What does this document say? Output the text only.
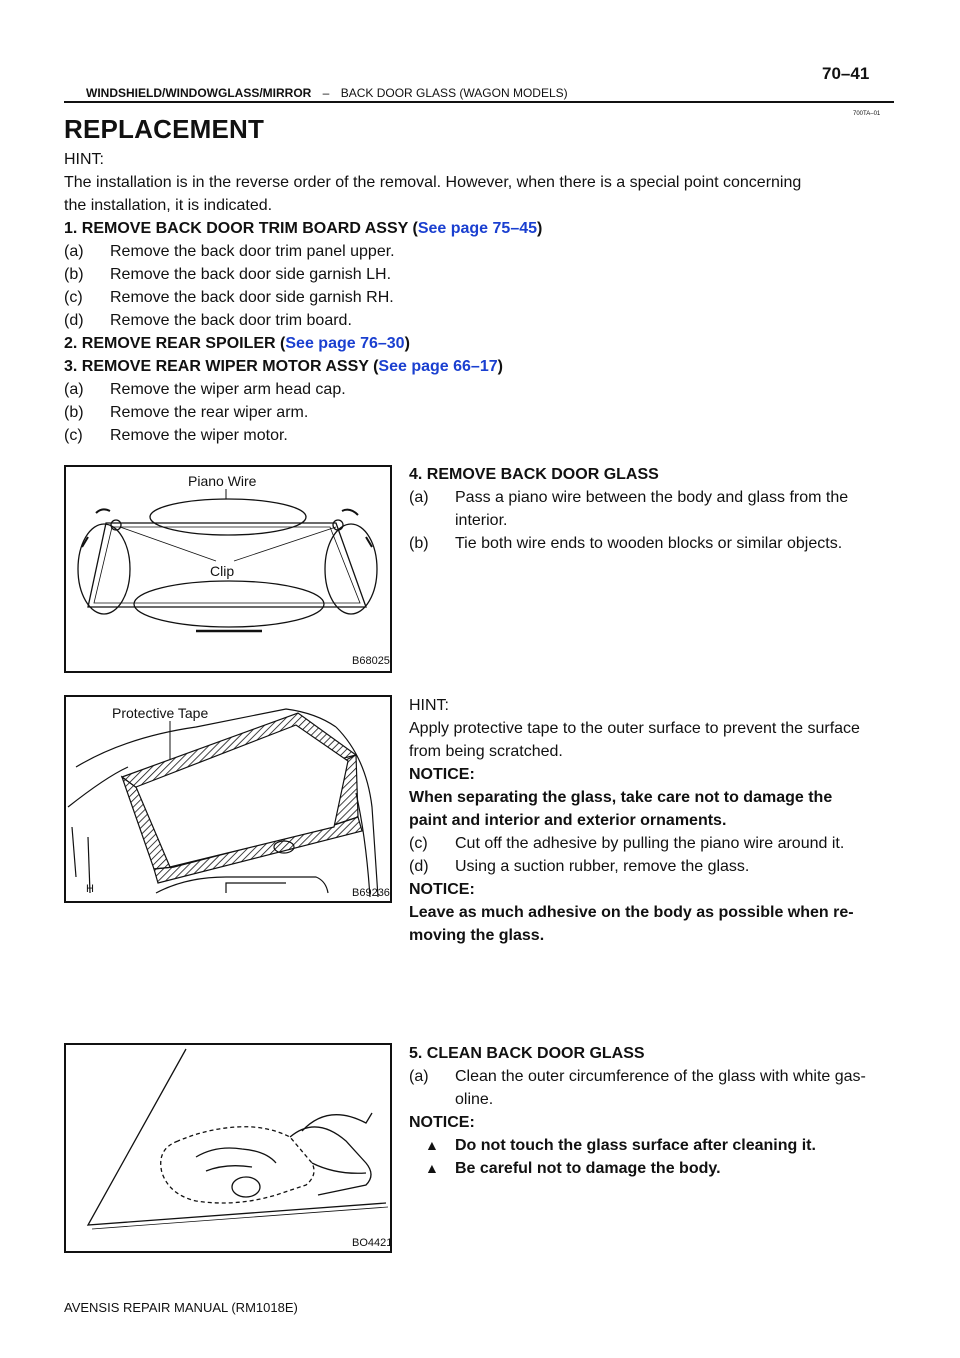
70–41
WINDSHIELD/WINDOWGLASS/MIRROR – BACK DOOR GLASS (WAGON MODELS)
700TA–01
REPLACEMENT
HINT:
The installation is in the reverse order of the removal. However, when there is a special point concerning
the installation, it is indicated.
1. REMOVE BACK DOOR TRIM BOARD ASSY (See page 75–45)
(a) Remove the back door trim panel upper.
(b) Remove the back door side garnish LH.
(c) Remove the back door side garnish RH.
(d) Remove the back door trim board.
2. REMOVE REAR SPOILER (See page 76–30)
3. REMOVE REAR WIPER MOTOR ASSY (See page 66–17)
(a) Remove the wiper arm head cap.
(b) Remove the rear wiper arm.
(c) Remove the wiper motor.
Piano Wire
Clip
B68025
4. REMOVE BACK DOOR GLASS
(a) Pass a piano wire between the body and glass from the
interior.
(b) Tie both wire ends to wooden blocks or similar objects.
Protective Tape
H	B69236
HINT:
Apply protective tape to the outer surface to prevent the surface
from being scratched.
NOTICE:
When separating the glass, take care not to damage the
paint and interior and exterior ornaments.
(c) Cut off the adhesive by pulling the piano wire around it.
(d) Using a suction rubber, remove the glass.
NOTICE:
Leave as much adhesive on the body as possible when re-
moving the glass.
BO4421
5. CLEAN BACK DOOR GLASS
(a) Clean the outer circumference of the glass with white gas-
oline.
NOTICE:
▲ Do not touch the glass surface after cleaning it.
▲ Be careful not to damage the body.
AVENSIS REPAIR MANUAL (RM1018E)
